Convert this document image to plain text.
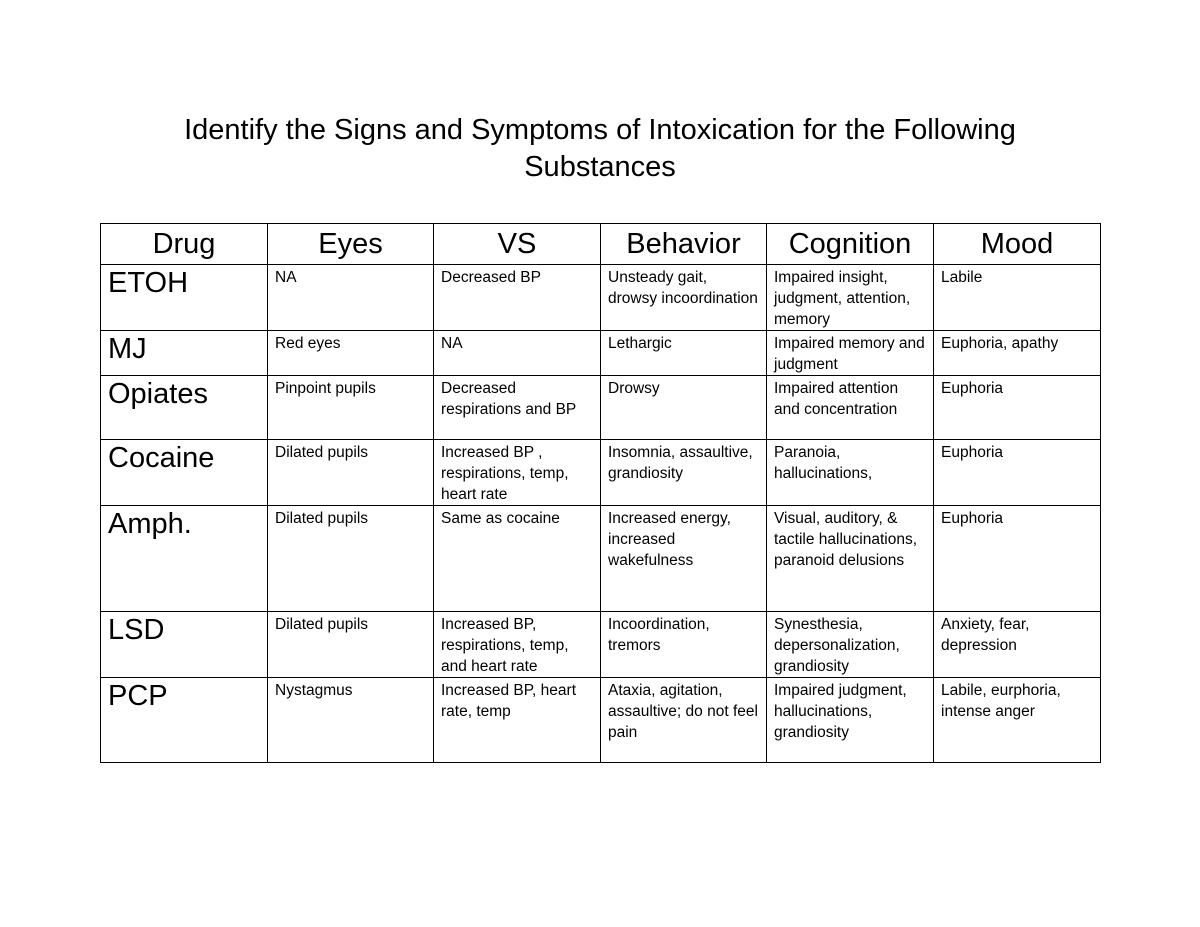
Identify the Signs and Symptoms of Intoxication for the Following
Substances
Drug	Eyes	VS	Behavior	Cognition	Mood
ETOH	NA	Decreased BP	Unsteady gait, drowsy incoordination	Impaired insight, judgment, attention, memory	Labile
MJ	Red eyes	NA	Lethargic	Impaired memory and judgment	Euphoria, apathy
Opiates	Pinpoint pupils	Decreased respirations and BP	Drowsy	Impaired attention and concentration	Euphoria
Cocaine	Dilated pupils	Increased BP , respirations, temp, heart rate	Insomnia, assaultive, grandiosity	Paranoia, hallucinations,	Euphoria
Amph.	Dilated pupils	Same as cocaine	Increased energy, increased wakefulness	Visual, auditory, & tactile hallucinations, paranoid delusions	Euphoria
LSD	Dilated pupils	Increased BP, respirations, temp, and heart rate	Incoordination, tremors	Synesthesia, depersonalization, grandiosity	Anxiety, fear, depression
PCP	Nystagmus	Increased BP, heart rate, temp	Ataxia, agitation, assaultive; do not feel pain	Impaired judgment, hallucinations, grandiosity	Labile, eurphoria, intense anger
